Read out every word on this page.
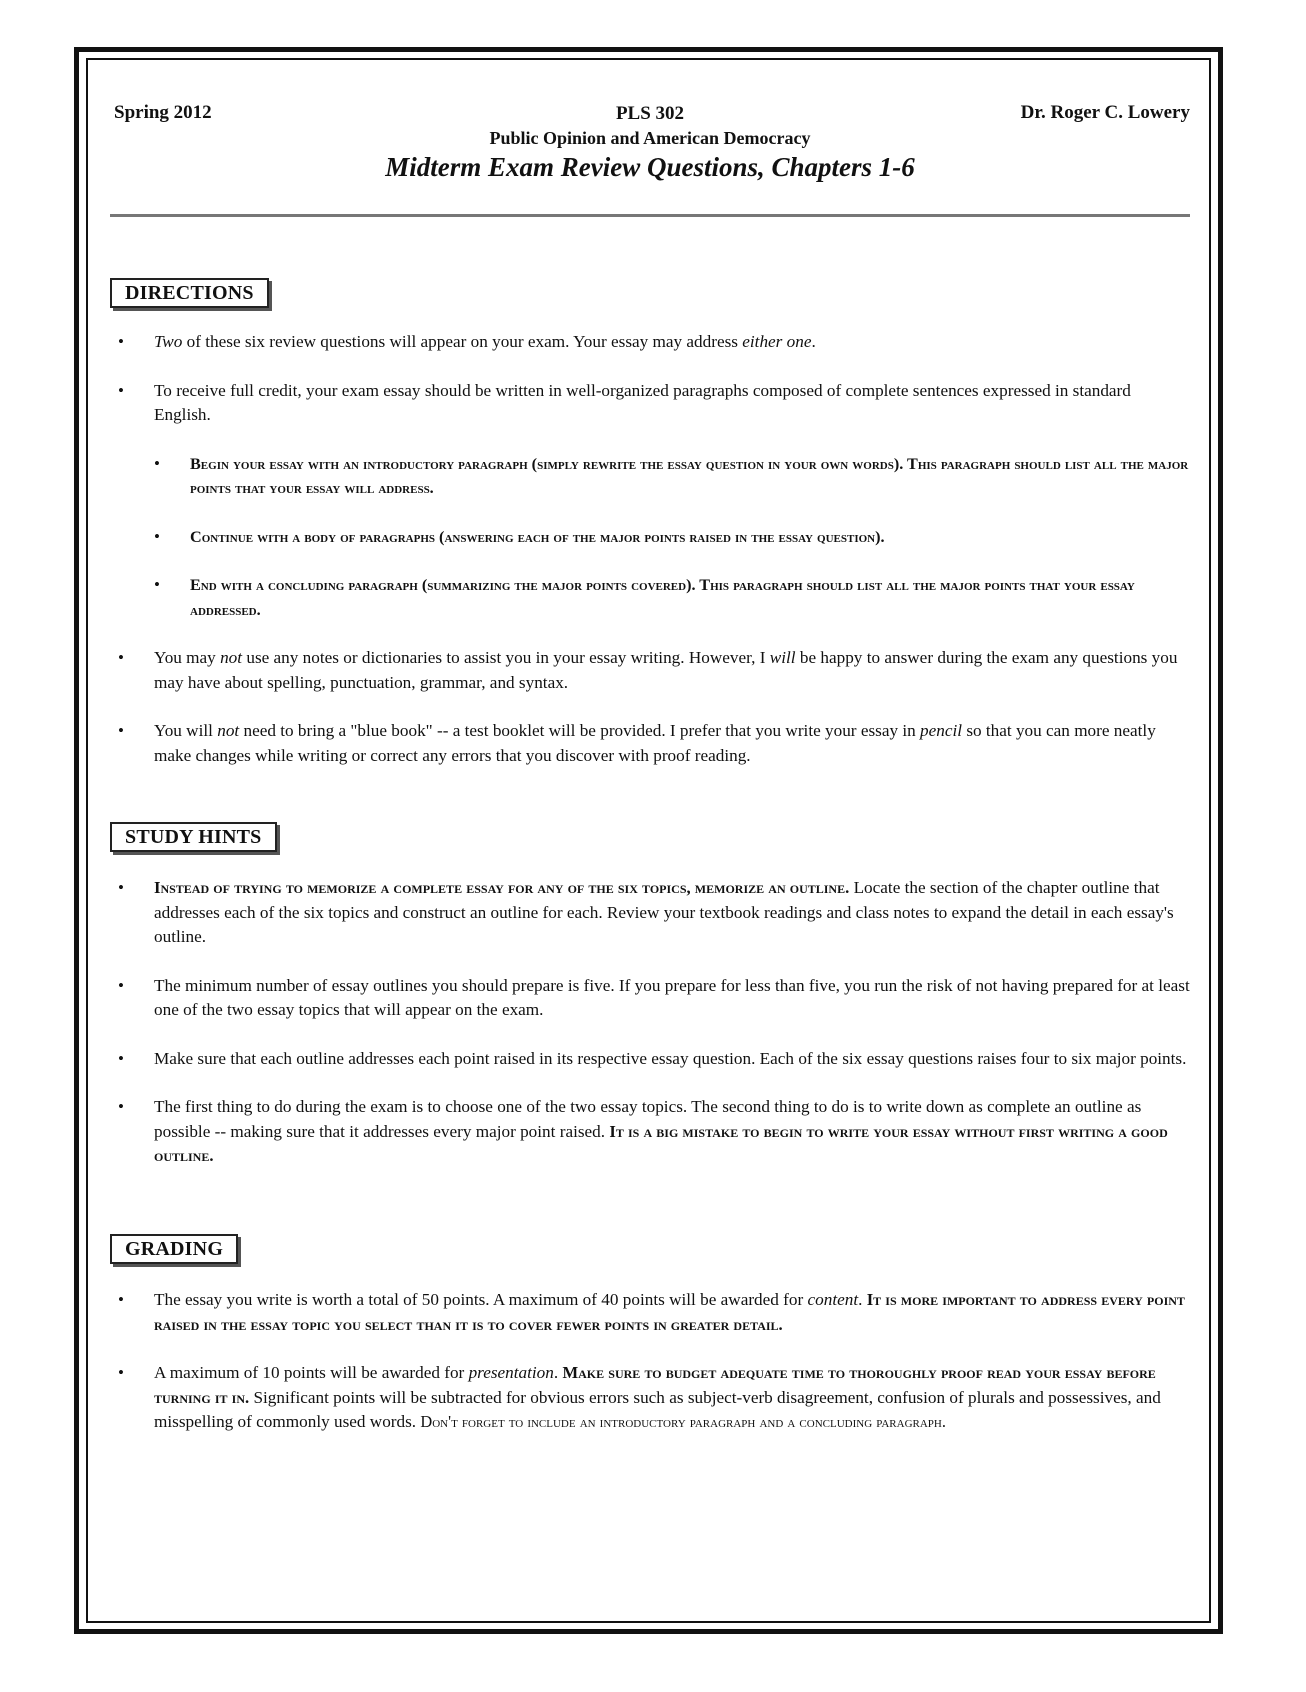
Spring 2012	PLS 302
Public Opinion and American Democracy
Midterm Exam Review Questions, Chapters 1-6
Dr. Roger C. Lowery
DIRECTIONS
• Two of these six review questions will appear on your exam. Your essay may address either one.
• To receive full credit, your exam essay should be written in well-organized paragraphs composed of complete sentences expressed in standard English.
• Begin your essay with an introductory paragraph (simply rewrite the essay question in your own words). This paragraph should list all the major points that your essay will address.
• Continue with a body of paragraphs (answering each of the major points raised in the essay question).
• End with a concluding paragraph (summarizing the major points covered). This paragraph should list all the major points that your essay addressed.
• You may not use any notes or dictionaries to assist you in your essay writing. However, I will be happy to answer during the exam any questions you may have about spelling, punctuation, grammar, and syntax.
• You will not need to bring a "blue book" -- a test booklet will be provided. I prefer that you write your essay in pencil so that you can more neatly make changes while writing or correct any errors that you discover with proof reading.
STUDY HINTS
• Instead of trying to memorize a complete essay for any of the six topics, memorize an outline. Locate the section of the chapter outline that addresses each of the six topics and construct an outline for each. Review your textbook readings and class notes to expand the detail in each essay's outline.
• The minimum number of essay outlines you should prepare is five. If you prepare for less than five, you run the risk of not having prepared for at least one of the two essay topics that will appear on the exam.
• Make sure that each outline addresses each point raised in its respective essay question. Each of the six essay questions raises four to six major points.
• The first thing to do during the exam is to choose one of the two essay topics. The second thing to do is to write down as complete an outline as possible -- making sure that it addresses every major point raised. It is a big mistake to begin to write your essay without first writing a good outline.
GRADING
• The essay you write is worth a total of 50 points. A maximum of 40 points will be awarded for content. It is more important to address every point raised in the essay topic you select than it is to cover fewer points in greater detail.
• A maximum of 10 points will be awarded for presentation. Make sure to budget adequate time to thoroughly proof read your essay before turning it in. Significant points will be subtracted for obvious errors such as subject-verb disagreement, confusion of plurals and possessives, and misspelling of commonly used words. Don't forget to include an introductory paragraph and a concluding paragraph.
